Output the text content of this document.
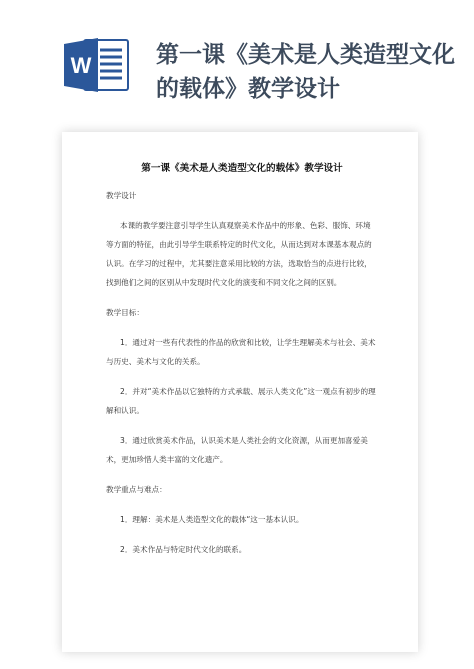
W	第一课《美术是人类造型文化
的载体》教学设计
第一课《美术是人类造型文化的载体》教学设计

教学设计

本课的教学要注意引导学生认真观察美术作品中的形象、色彩、服饰、环境等方面的特征，由此引导学生联系特定的时代文化，从而达到对本课基本观点的认识。在学习的过程中，尤其要注意采用比较的方法，选取恰当的点进行比较，找到他们之间的区别从中发现时代文化的演变和不同文化之间的区别。

教学目标：

1．通过对一些有代表性的作品的欣赏和比较，让学生理解美术与社会、美术与历史、美术与文化的关系。

2．并对“美术作品以它独特的方式承载、展示人类文化”这一观点有初步的理解和认识。

3．通过欣赏美术作品，认识美术是人类社会的文化资源，从而更加喜爱美术，更加珍惜人类丰富的文化遗产。

教学重点与难点：

1．理解：美术是人类造型文化的载体“这一基本认识。

2．美术作品与特定时代文化的联系。
